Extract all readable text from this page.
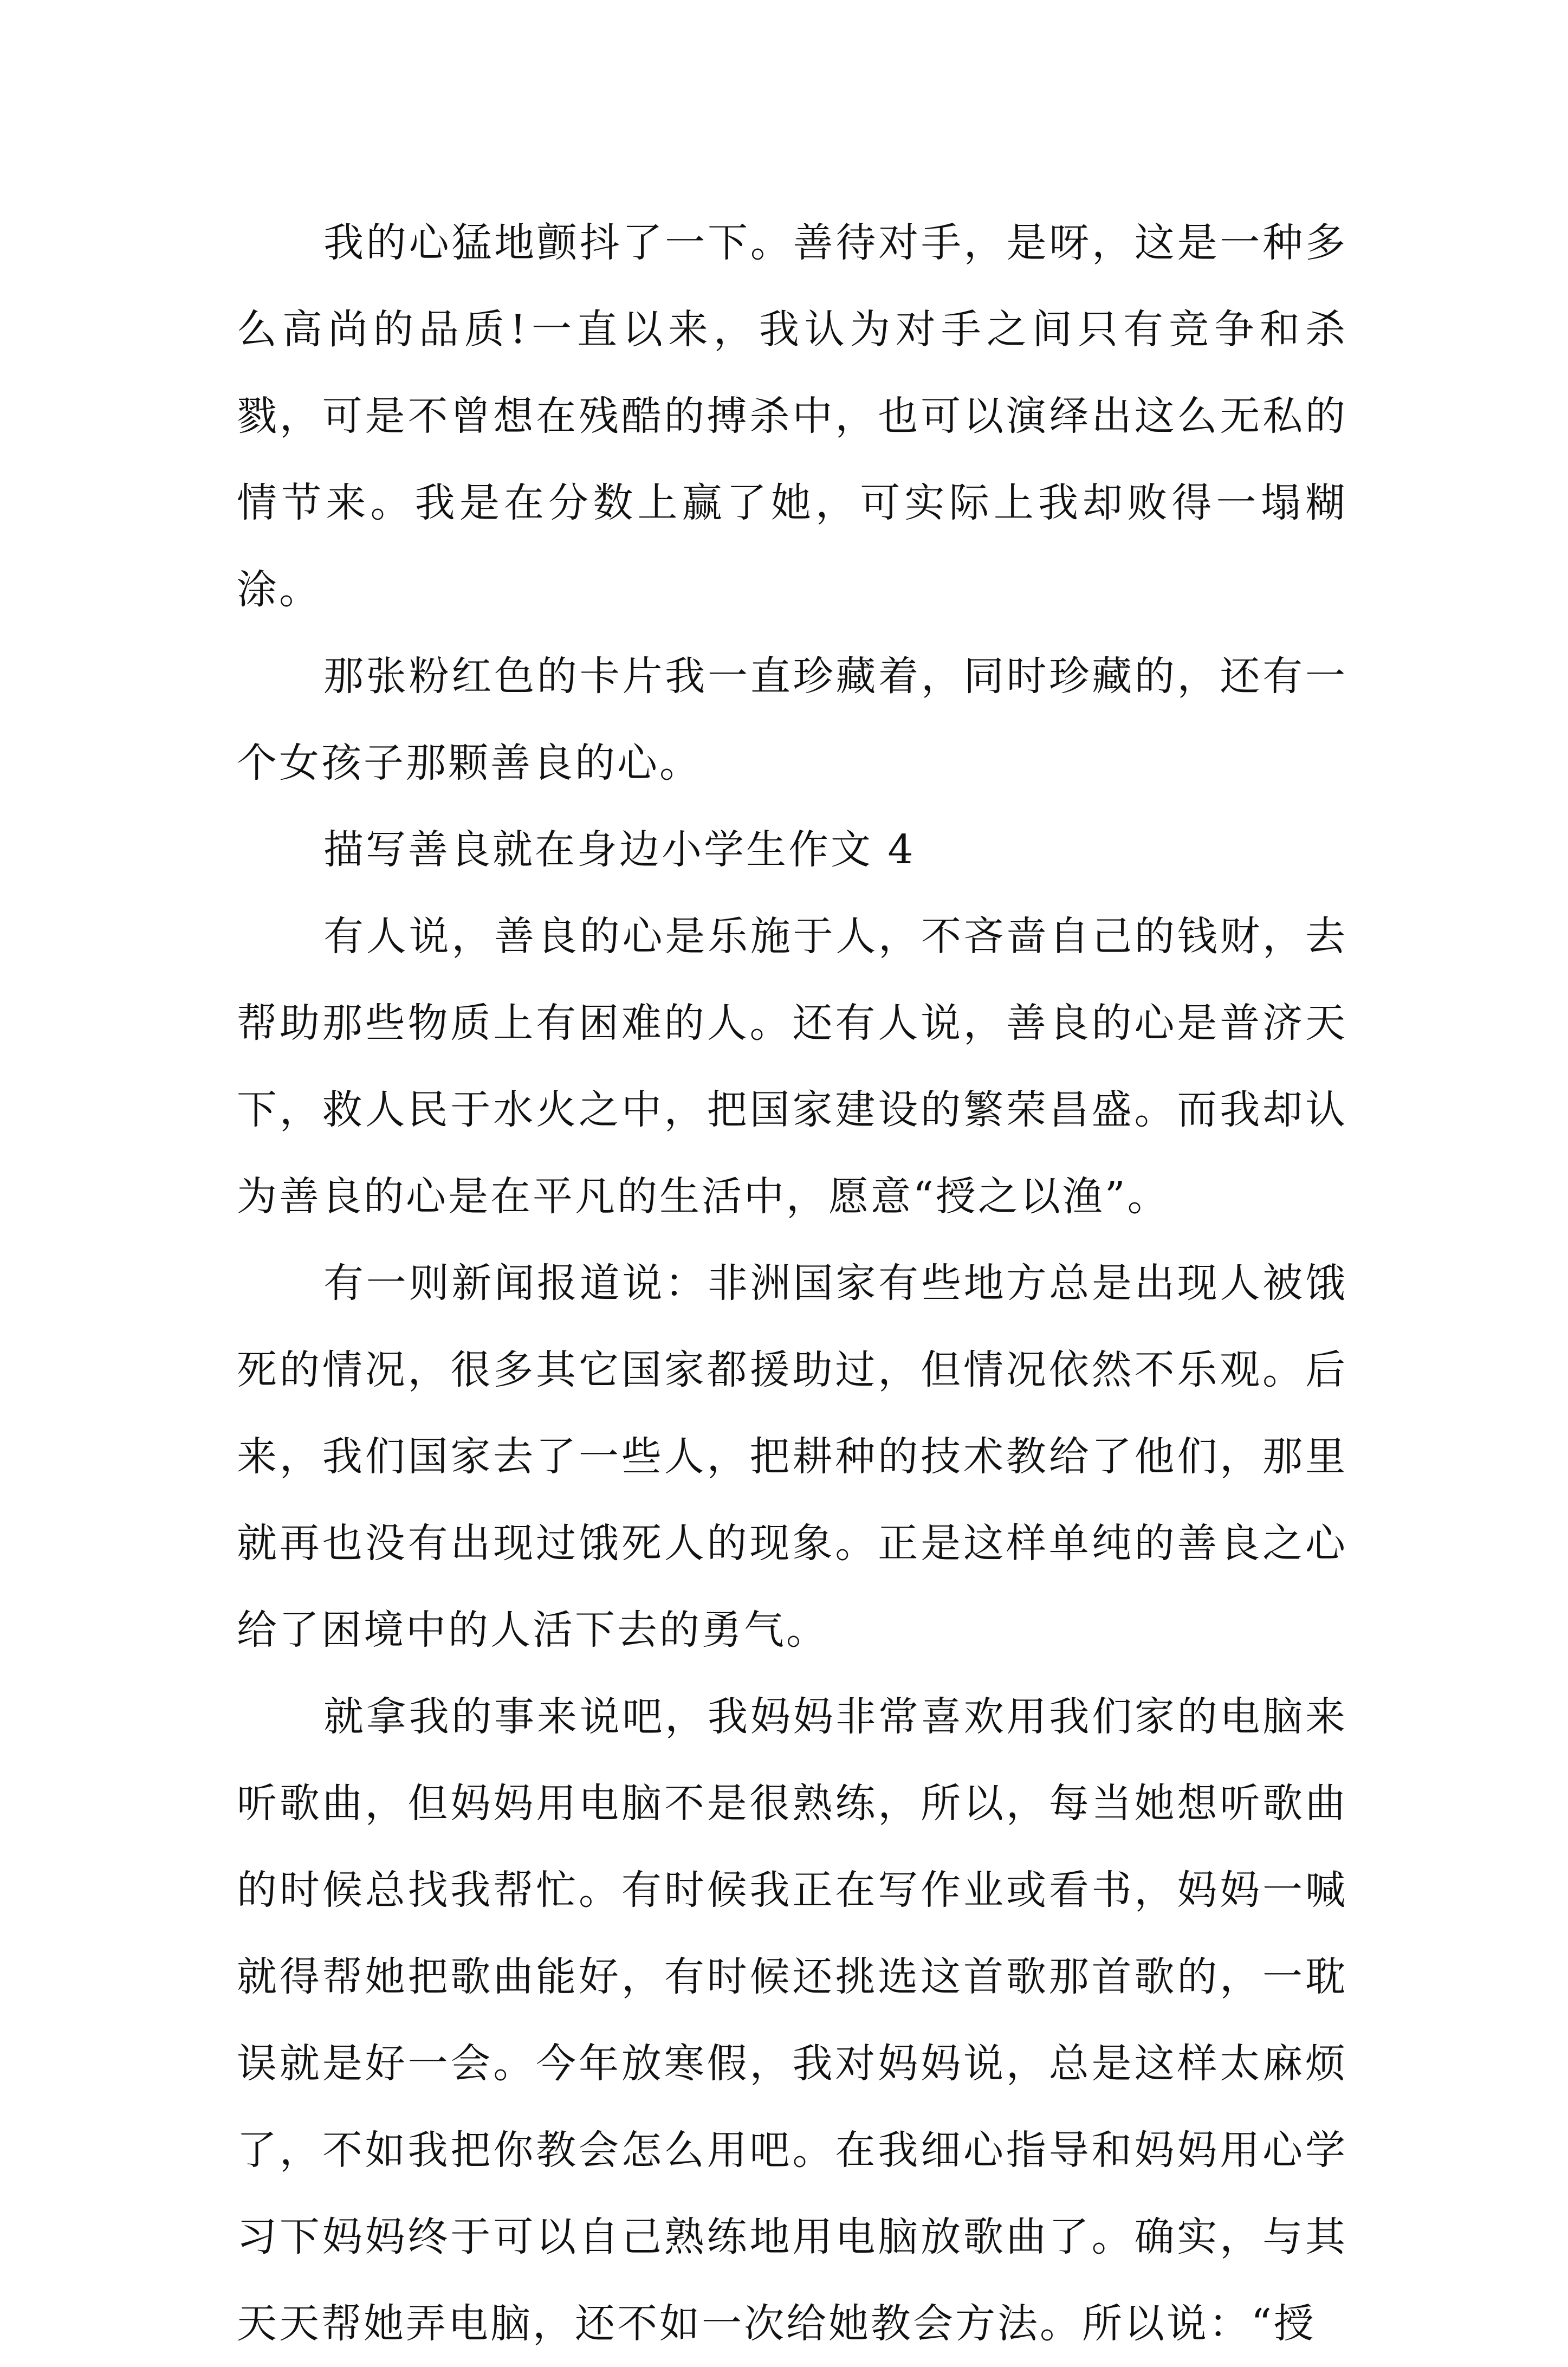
我的心猛地颤抖了一下。善待对手，是呀，这是一种多么高尚的品质!一直以来，我认为对手之间只有竞争和杀戮，可是不曾想在残酷的搏杀中，也可以演绎出这么无私的情节来。我是在分数上赢了她，可实际上我却败得一塌糊涂。

那张粉红色的卡片我一直珍藏着，同时珍藏的，还有一个女孩子那颗善良的心。

描写善良就在身边小学生作文 4

有人说，善良的心是乐施于人，不吝啬自己的钱财，去帮助那些物质上有困难的人。还有人说，善良的心是普济天下，救人民于水火之中，把国家建设的繁荣昌盛。而我却认为善良的心是在平凡的生活中，愿意“授之以渔”。

有一则新闻报道说：非洲国家有些地方总是出现人被饿死的情况，很多其它国家都援助过，但情况依然不乐观。后来，我们国家去了一些人，把耕种的技术教给了他们，那里就再也没有出现过饿死人的现象。正是这样单纯的善良之心给了困境中的人活下去的勇气。

就拿我的事来说吧，我妈妈非常喜欢用我们家的电脑来听歌曲，但妈妈用电脑不是很熟练，所以，每当她想听歌曲的时候总找我帮忙。有时候我正在写作业或看书，妈妈一喊就得帮她把歌曲能好，有时候还挑选这首歌那首歌的，一耽误就是好一会。今年放寒假，我对妈妈说，总是这样太麻烦了，不如我把你教会怎么用吧。在我细心指导和妈妈用心学习下妈妈终于可以自己熟练地用电脑放歌曲了。确实，与其天天帮她弄电脑，还不如一次给她教会方法。所以说：“授
